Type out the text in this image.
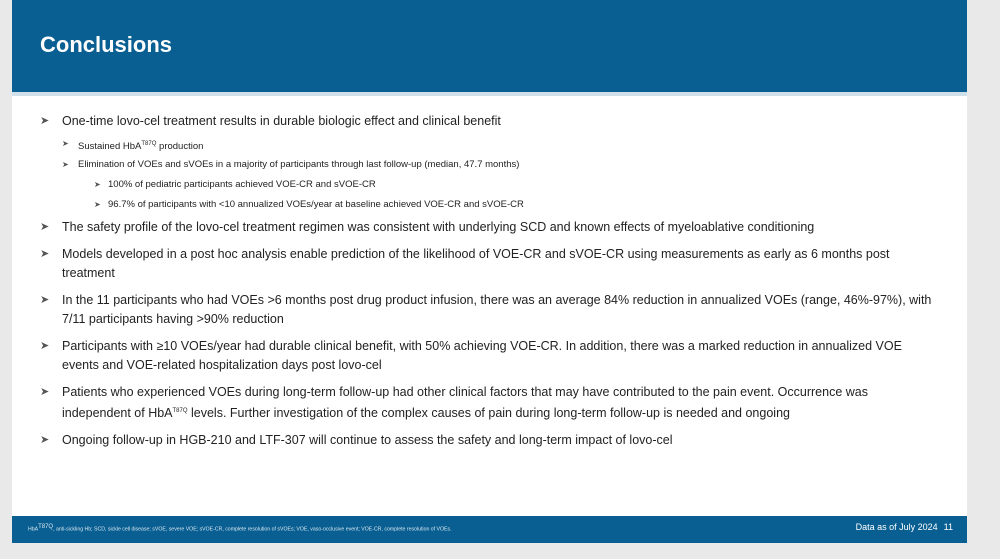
Conclusions
➤ One-time lovo-cel treatment results in durable biologic effect and clinical benefit
➤ Sustained HbA$^{T87Q}$ production
➤ Elimination of VOEs and sVOEs in a majority of participants through last follow-up (median, 47.7 months)
➤ 100% of pediatric participants achieved VOE-CR and sVOE-CR
➤ 96.7% of participants with <10 annualized VOEs/year at baseline achieved VOE-CR and sVOE-CR
➤ The safety profile of the lovo-cel treatment regimen was consistent with underlying SCD and known effects of myeloablative conditioning
➤ Models developed in a post hoc analysis enable prediction of the likelihood of VOE-CR and sVOE-CR using measurements as early as 6 months post treatment
➤ In the 11 participants who had VOEs >6 months post drug product infusion, there was an average 84% reduction in annualized VOEs (range, 46%-97%), with 7/11 participants having >90% reduction
➤ Participants with ≥10 VOEs/year had durable clinical benefit, with 50% achieving VOE-CR. In addition, there was a marked reduction in annualized VOE events and VOE-related hospitalization days post lovo-cel
➤ Patients who experienced VOEs during long-term follow-up had other clinical factors that may have contributed to the pain event. Occurrence was independent of HbA$^{T87Q}$ levels. Further investigation of the complex causes of pain during long-term follow-up is needed and ongoing
➤ Ongoing follow-up in HGB-210 and LTF-307 will continue to assess the safety and long-term impact of lovo-cel
HbAT87Q, anti-sickling Hb; SCD, sickle cell disease; sVOE, severe VOE; sVOE-CR, complete resolution of sVOEs; VOE, vaso-occlusive event; VOE-CR, complete resolution of VOEs.	Data as of July 2024 11
